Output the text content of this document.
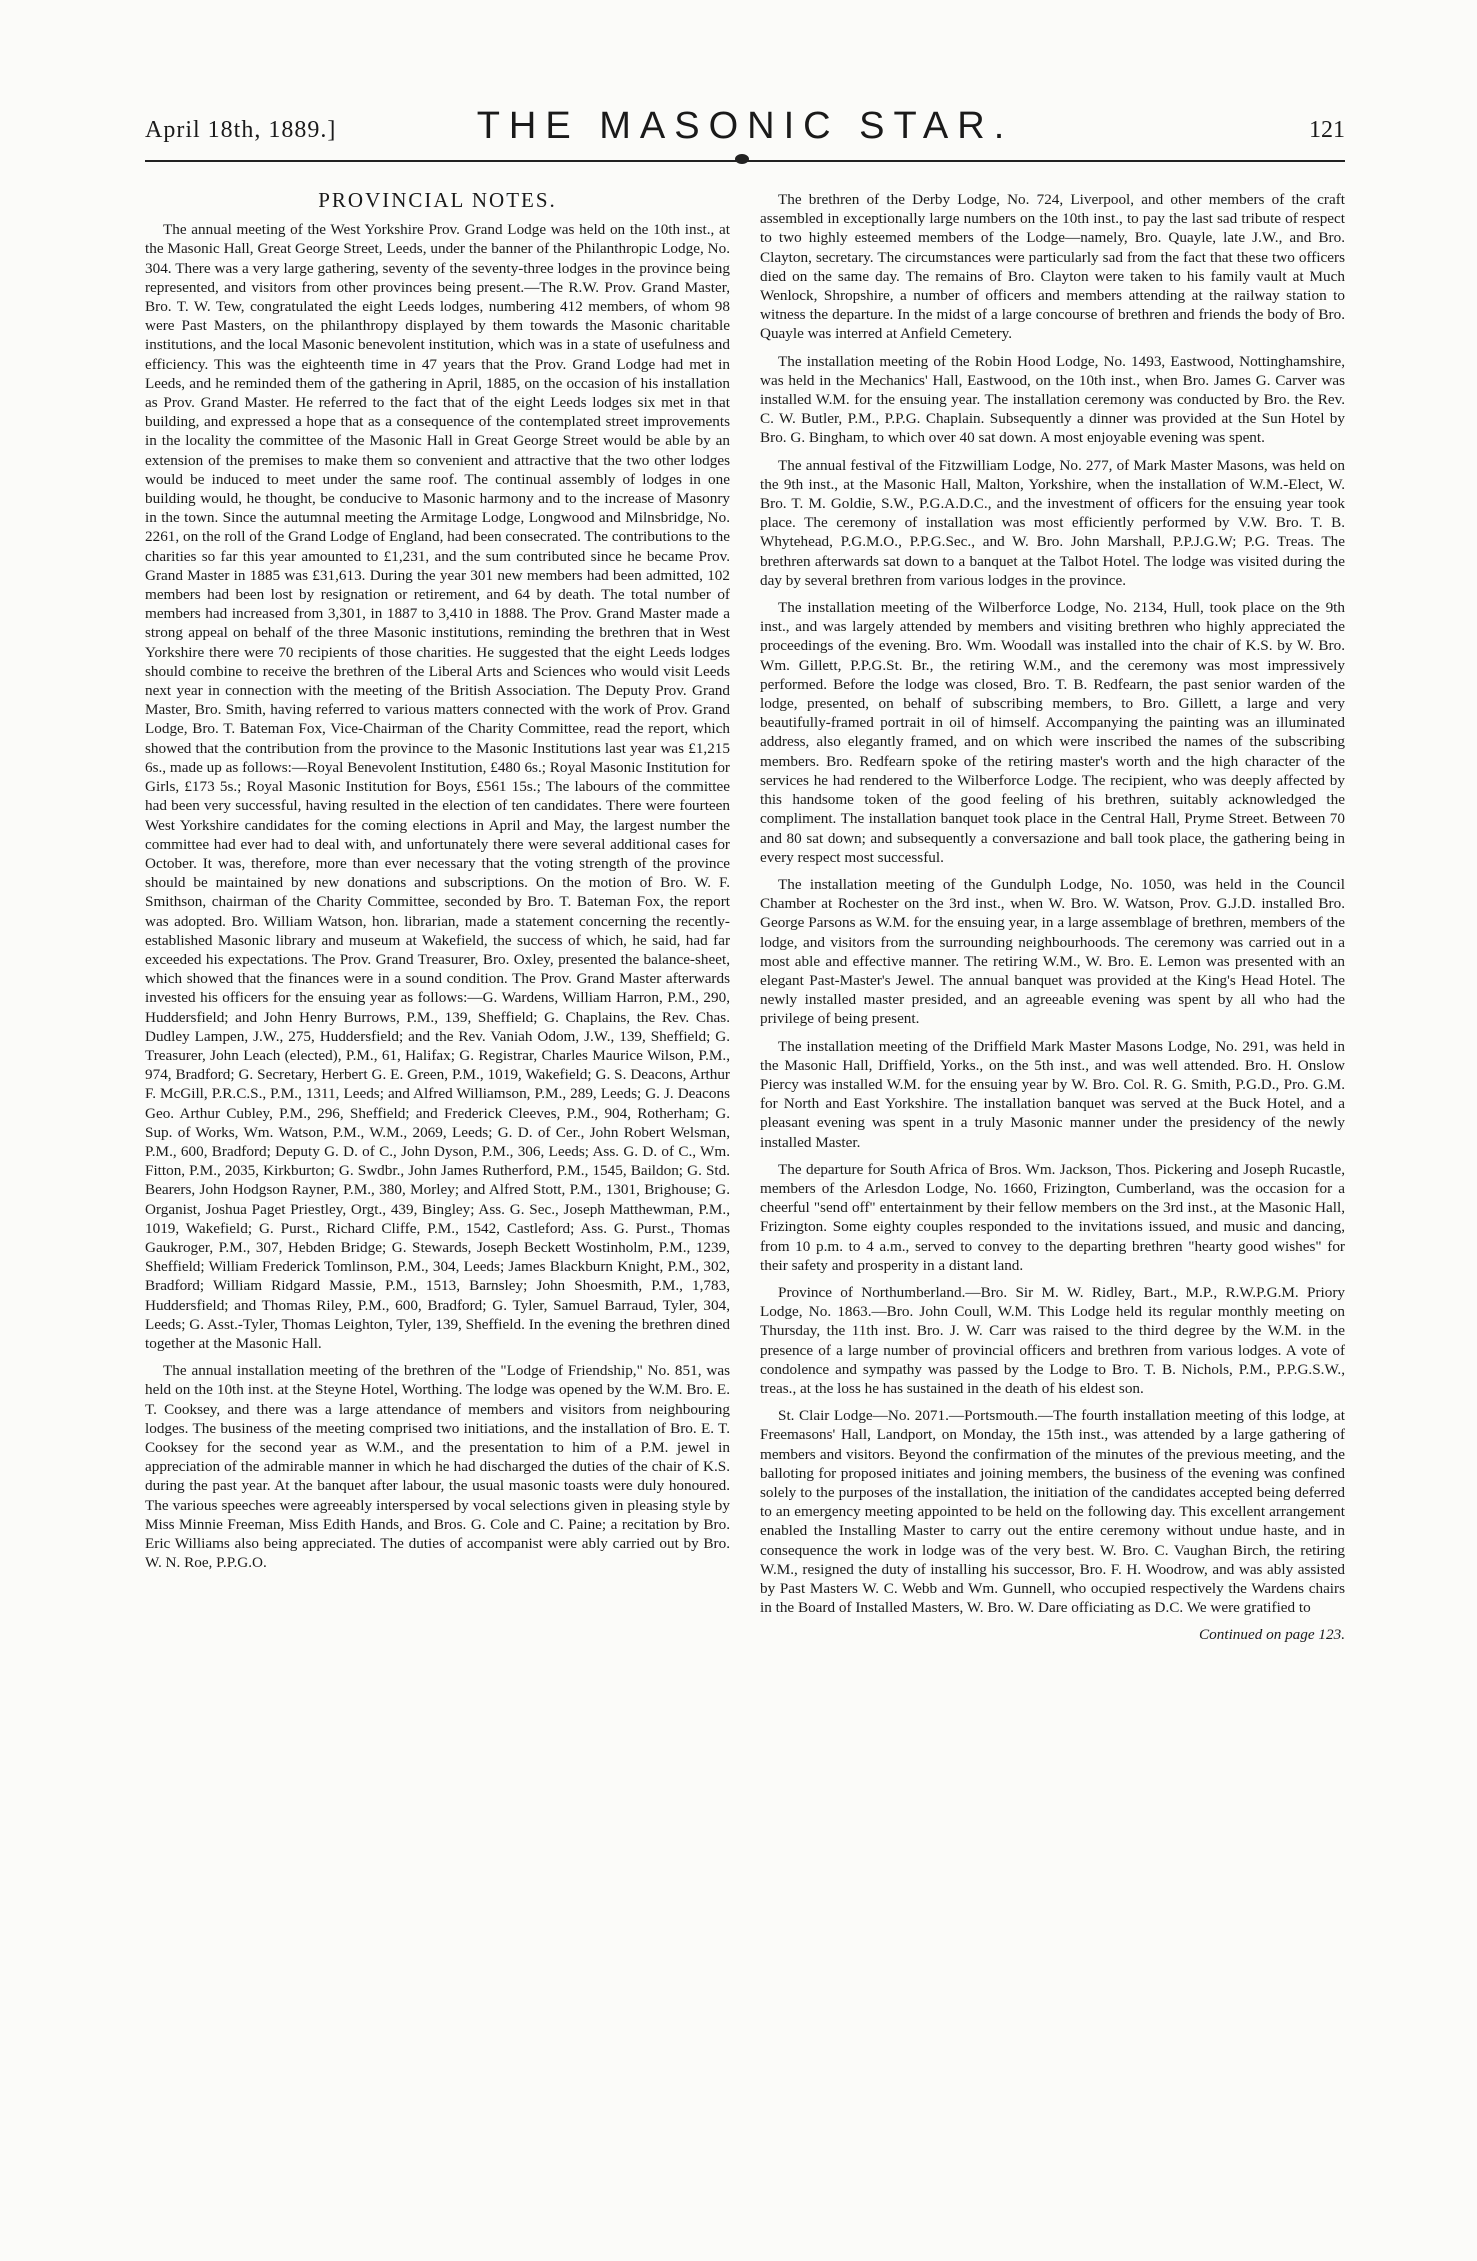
April 18th, 1889.]	THE MASONIC STAR.	121
PROVINCIAL NOTES.

The annual meeting of the West Yorkshire Prov. Grand Lodge was held on the 10th inst., at the Masonic Hall, Great George Street, Leeds, under the banner of the Philanthropic Lodge, No. 304. There was a very large gathering, seventy of the seventy-three lodges in the province being represented, and visitors from other provinces being present.—The R.W. Prov. Grand Master, Bro. T. W. Tew, congratulated the eight Leeds lodges, numbering 412 members, of whom 98 were Past Masters, on the philanthropy displayed by them towards the Masonic charitable institutions, and the local Masonic benevolent institution, which was in a state of usefulness and efficiency. This was the eighteenth time in 47 years that the Prov. Grand Lodge had met in Leeds, and he reminded them of the gathering in April, 1885, on the occasion of his installation as Prov. Grand Master. He referred to the fact that of the eight Leeds lodges six met in that building, and expressed a hope that as a consequence of the contemplated street improvements in the locality the committee of the Masonic Hall in Great George Street would be able by an extension of the premises to make them so convenient and attractive that the two other lodges would be induced to meet under the same roof. The continual assembly of lodges in one building would, he thought, be conducive to Masonic harmony and to the increase of Masonry in the town. Since the autumnal meeting the Armitage Lodge, Longwood and Milnsbridge, No. 2261, on the roll of the Grand Lodge of England, had been consecrated. The contributions to the charities so far this year amounted to £1,231, and the sum contributed since he became Prov. Grand Master in 1885 was £31,613. During the year 301 new members had been admitted, 102 members had been lost by resignation or retirement, and 64 by death. The total number of members had increased from 3,301, in 1887 to 3,410 in 1888. The Prov. Grand Master made a strong appeal on behalf of the three Masonic institutions, reminding the brethren that in West Yorkshire there were 70 recipients of those charities. He suggested that the eight Leeds lodges should combine to receive the brethren of the Liberal Arts and Sciences who would visit Leeds next year in connection with the meeting of the British Association. The Deputy Prov. Grand Master, Bro. Smith, having referred to various matters connected with the work of Prov. Grand Lodge, Bro. T. Bateman Fox, Vice-Chairman of the Charity Committee, read the report, which showed that the contribution from the province to the Masonic Institutions last year was £1,215 6s., made up as follows:—Royal Benevolent Institution, £480 6s.; Royal Masonic Institution for Girls, £173 5s.; Royal Masonic Institution for Boys, £561 15s.; The labours of the committee had been very successful, having resulted in the election of ten candidates. There were fourteen West Yorkshire candidates for the coming elections in April and May, the largest number the committee had ever had to deal with, and unfortunately there were several additional cases for October. It was, therefore, more than ever necessary that the voting strength of the province should be maintained by new donations and subscriptions. On the motion of Bro. W. F. Smithson, chairman of the Charity Committee, seconded by Bro. T. Bateman Fox, the report was adopted. Bro. William Watson, hon. librarian, made a statement concerning the recently-established Masonic library and museum at Wakefield, the success of which, he said, had far exceeded his expectations. The Prov. Grand Treasurer, Bro. Oxley, presented the balance-sheet, which showed that the finances were in a sound condition. The Prov. Grand Master afterwards invested his officers for the ensuing year as follows:—G. Wardens, William Harron, P.M., 290, Huddersfield; and John Henry Burrows, P.M., 139, Sheffield; G. Chaplains, the Rev. Chas. Dudley Lampen, J.W., 275, Huddersfield; and the Rev. Vaniah Odom, J.W., 139, Sheffield; G. Treasurer, John Leach (elected), P.M., 61, Halifax; G. Registrar, Charles Maurice Wilson, P.M., 974, Bradford; G. Secretary, Herbert G. E. Green, P.M., 1019, Wakefield; G. S. Deacons, Arthur F. McGill, P.R.C.S., P.M., 1311, Leeds; and Alfred Williamson, P.M., 289, Leeds; G. J. Deacons Geo. Arthur Cubley, P.M., 296, Sheffield; and Frederick Cleeves, P.M., 904, Rotherham; G. Sup. of Works, Wm. Watson, P.M., W.M., 2069, Leeds; G. D. of Cer., John Robert Welsman, P.M., 600, Bradford; Deputy G. D. of C., John Dyson, P.M., 306, Leeds; Ass. G. D. of C., Wm. Fitton, P.M., 2035, Kirkburton; G. Swdbr., John James Rutherford, P.M., 1545, Baildon; G. Std. Bearers, John Hodgson Rayner, P.M., 380, Morley; and Alfred Stott, P.M., 1301, Brighouse; G. Organist, Joshua Paget Priestley, Orgt., 439, Bingley; Ass. G. Sec., Joseph Matthewman, P.M., 1019, Wakefield; G. Purst., Richard Cliffe, P.M., 1542, Castleford; Ass. G. Purst., Thomas Gaukroger, P.M., 307, Hebden Bridge; G. Stewards, Joseph Beckett Wostinholm, P.M., 1239, Sheffield; William Frederick Tomlinson, P.M., 304, Leeds; James Blackburn Knight, P.M., 302, Bradford; William Ridgard Massie, P.M., 1513, Barnsley; John Shoesmith, P.M., 1,783, Huddersfield; and Thomas Riley, P.M., 600, Bradford; G. Tyler, Samuel Barraud, Tyler, 304, Leeds; G. Asst.-Tyler, Thomas Leighton, Tyler, 139, Sheffield. In the evening the brethren dined together at the Masonic Hall.

The annual installation meeting of the brethren of the "Lodge of Friendship," No. 851, was held on the 10th inst. at the Steyne Hotel, Worthing. The lodge was opened by the W.M. Bro. E. T. Cooksey, and there was a large attendance of members and visitors from neighbouring lodges. The business of the meeting comprised two initiations, and the installation of Bro. E. T. Cooksey for the second year as W.M., and the presentation to him of a P.M. jewel in appreciation of the admirable manner in which he had discharged the duties of the chair of K.S. during the past year. At the banquet after labour, the usual masonic toasts were duly honoured. The various speeches were agreeably interspersed by vocal selections given in pleasing style by Miss Minnie Freeman, Miss Edith Hands, and Bros. G. Cole and C. Paine; a recitation by Bro. Eric Williams also being appreciated. The duties of accompanist were ably carried out by Bro. W. N. Roe, P.P.G.O.

The brethren of the Derby Lodge, No. 724, Liverpool, and other members of the craft assembled in exceptionally large numbers on the 10th inst., to pay the last sad tribute of respect to two highly esteemed members of the Lodge—namely, Bro. Quayle, late J.W., and Bro. Clayton, secretary. The circumstances were particularly sad from the fact that these two officers died on the same day. The remains of Bro. Clayton were taken to his family vault at Much Wenlock, Shropshire, a number of officers and members attending at the railway station to witness the departure. In the midst of a large concourse of brethren and friends the body of Bro. Quayle was interred at Anfield Cemetery.

The installation meeting of the Robin Hood Lodge, No. 1493, Eastwood, Nottinghamshire, was held in the Mechanics' Hall, Eastwood, on the 10th inst., when Bro. James G. Carver was installed W.M. for the ensuing year. The installation ceremony was conducted by Bro. the Rev. C. W. Butler, P.M., P.P.G. Chaplain. Subsequently a dinner was provided at the Sun Hotel by Bro. G. Bingham, to which over 40 sat down. A most enjoyable evening was spent.

The annual festival of the Fitzwilliam Lodge, No. 277, of Mark Master Masons, was held on the 9th inst., at the Masonic Hall, Malton, Yorkshire, when the installation of W.M.-Elect, W. Bro. T. M. Goldie, S.W., P.G.A.D.C., and the investment of officers for the ensuing year took place. The ceremony of installation was most efficiently performed by V.W. Bro. T. B. Whytehead, P.G.M.O., P.P.G.Sec., and W. Bro. John Marshall, P.P.J.G.W; P.G. Treas. The brethren afterwards sat down to a banquet at the Talbot Hotel. The lodge was visited during the day by several brethren from various lodges in the province.

The installation meeting of the Wilberforce Lodge, No. 2134, Hull, took place on the 9th inst., and was largely attended by members and visiting brethren who highly appreciated the proceedings of the evening. Bro. Wm. Woodall was installed into the chair of K.S. by W. Bro. Wm. Gillett, P.P.G.St. Br., the retiring W.M., and the ceremony was most impressively performed. Before the lodge was closed, Bro. T. B. Redfearn, the past senior warden of the lodge, presented, on behalf of subscribing members, to Bro. Gillett, a large and very beautifully-framed portrait in oil of himself. Accompanying the painting was an illuminated address, also elegantly framed, and on which were inscribed the names of the subscribing members. Bro. Redfearn spoke of the retiring master's worth and the high character of the services he had rendered to the Wilberforce Lodge. The recipient, who was deeply affected by this handsome token of the good feeling of his brethren, suitably acknowledged the compliment. The installation banquet took place in the Central Hall, Pryme Street. Between 70 and 80 sat down; and subsequently a conversazione and ball took place, the gathering being in every respect most successful.

The installation meeting of the Gundulph Lodge, No. 1050, was held in the Council Chamber at Rochester on the 3rd inst., when W. Bro. W. Watson, Prov. G.J.D. installed Bro. George Parsons as W.M. for the ensuing year, in a large assemblage of brethren, members of the lodge, and visitors from the surrounding neighbourhoods. The ceremony was carried out in a most able and effective manner. The retiring W.M., W. Bro. E. Lemon was presented with an elegant Past-Master's Jewel. The annual banquet was provided at the King's Head Hotel. The newly installed master presided, and an agreeable evening was spent by all who had the privilege of being present.

The installation meeting of the Driffield Mark Master Masons Lodge, No. 291, was held in the Masonic Hall, Driffield, Yorks., on the 5th inst., and was well attended. Bro. H. Onslow Piercy was installed W.M. for the ensuing year by W. Bro. Col. R. G. Smith, P.G.D., Pro. G.M. for North and East Yorkshire. The installation banquet was served at the Buck Hotel, and a pleasant evening was spent in a truly Masonic manner under the presidency of the newly installed Master.

The departure for South Africa of Bros. Wm. Jackson, Thos. Pickering and Joseph Rucastle, members of the Arlesdon Lodge, No. 1660, Frizington, Cumberland, was the occasion for a cheerful "send off" entertainment by their fellow members on the 3rd inst., at the Masonic Hall, Frizington. Some eighty couples responded to the invitations issued, and music and dancing, from 10 p.m. to 4 a.m., served to convey to the departing brethren "hearty good wishes" for their safety and prosperity in a distant land.

Province of Northumberland.—Bro. Sir M. W. Ridley, Bart., M.P., R.W.P.G.M. Priory Lodge, No. 1863.—Bro. John Coull, W.M. This Lodge held its regular monthly meeting on Thursday, the 11th inst. Bro. J. W. Carr was raised to the third degree by the W.M. in the presence of a large number of provincial officers and brethren from various lodges. A vote of condolence and sympathy was passed by the Lodge to Bro. T. B. Nichols, P.M., P.P.G.S.W., treas., at the loss he has sustained in the death of his eldest son.

St. Clair Lodge—No. 2071.—Portsmouth.—The fourth installation meeting of this lodge, at Freemasons' Hall, Landport, on Monday, the 15th inst., was attended by a large gathering of members and visitors. Beyond the confirmation of the minutes of the previous meeting, and the balloting for proposed initiates and joining members, the business of the evening was confined solely to the purposes of the installation, the initiation of the candidates accepted being deferred to an emergency meeting appointed to be held on the following day. This excellent arrangement enabled the Installing Master to carry out the entire ceremony without undue haste, and in consequence the work in lodge was of the very best. W. Bro. C. Vaughan Birch, the retiring W.M., resigned the duty of installing his successor, Bro. F. H. Woodrow, and was ably assisted by Past Masters W. C. Webb and Wm. Gunnell, who occupied respectively the Wardens chairs in the Board of Installed Masters, W. Bro. W. Dare officiating as D.C. We were gratified to

Continued on page 123.
